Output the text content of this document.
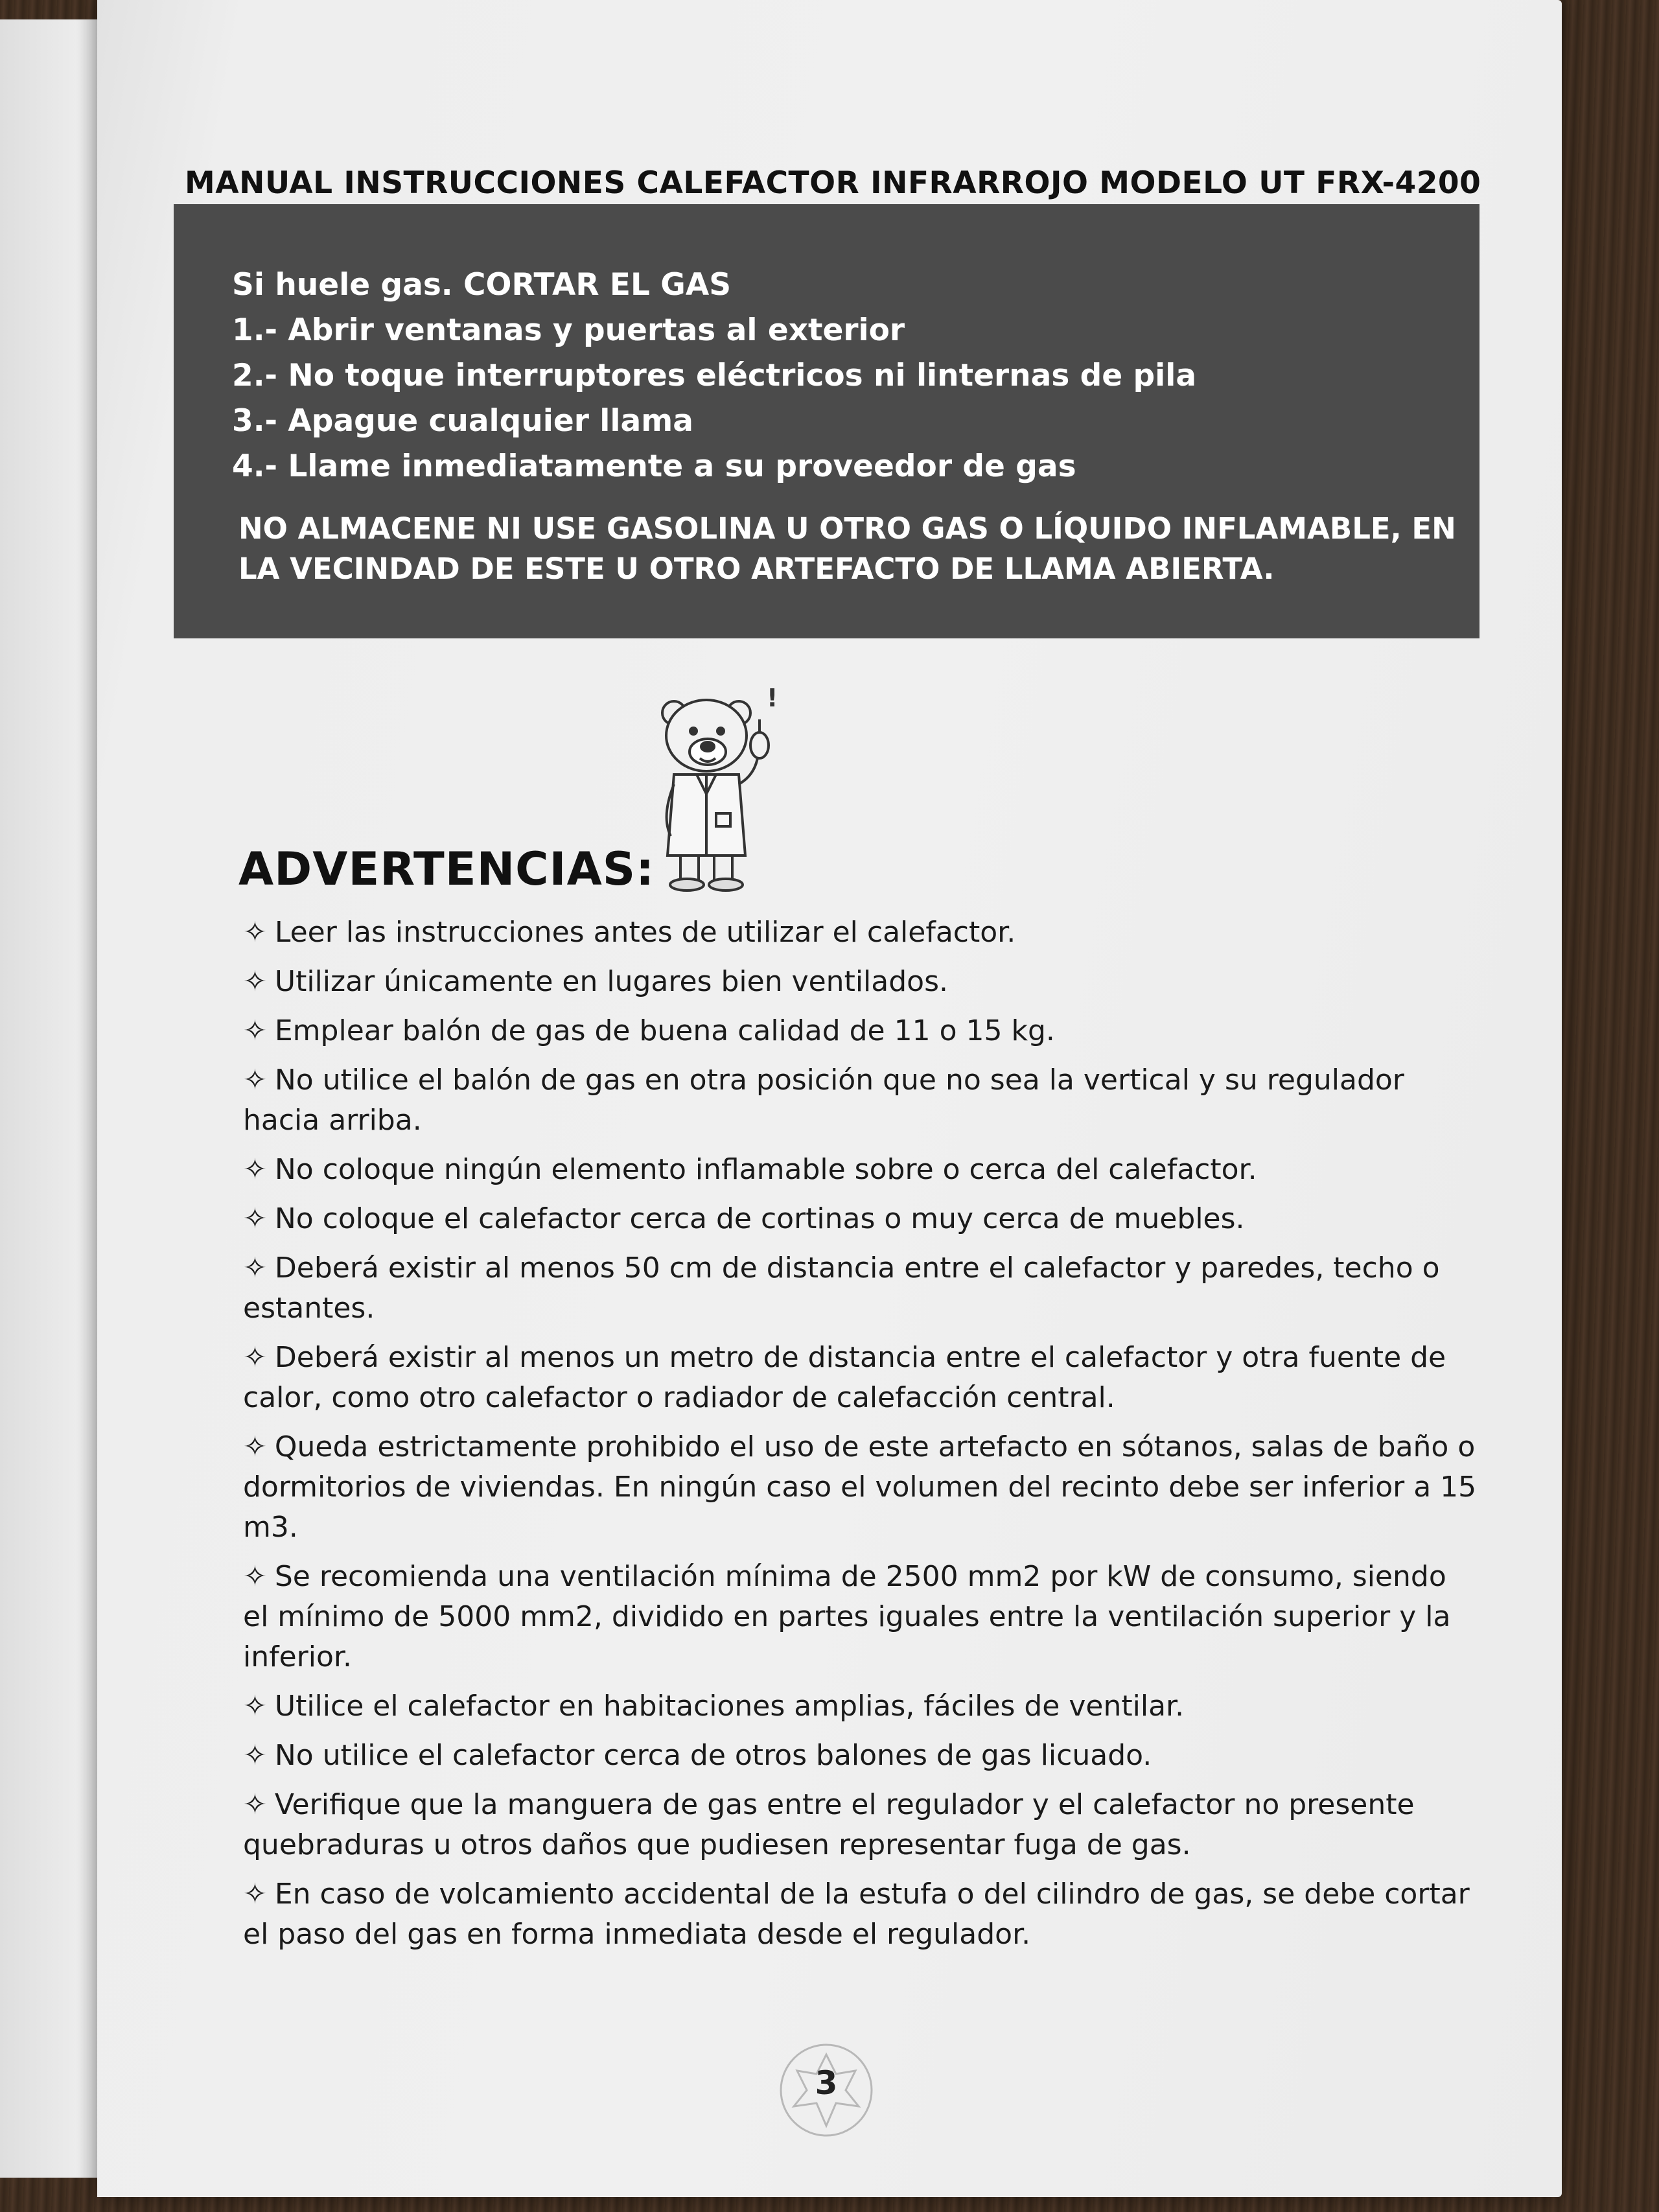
MANUAL INSTRUCCIONES CALEFACTOR INFRARROJO MODELO UT FRX-4200
Si huele gas. CORTAR EL GAS
1.- Abrir ventanas y puertas al exterior
2.- No toque interruptores eléctricos ni linternas de pila
3.- Apague cualquier llama
4.- Llame inmediatamente a su proveedor de gas
NO ALMACENE NI USE GASOLINA U OTRO GAS O LÍQUIDO INFLAMABLE, EN LA VECINDAD DE ESTE U OTRO ARTEFACTO DE LLAMA ABIERTA.
!
ADVERTENCIAS:
✧ Leer las instrucciones antes de utilizar el calefactor.
✧ Utilizar únicamente en lugares bien ventilados.
✧ Emplear balón de gas de buena calidad de 11 o 15 kg.
✧ No utilice el balón de gas en otra posición que no sea la vertical y su regulador hacia arriba.
✧ No coloque ningún elemento inflamable sobre o cerca del calefactor.
✧ No coloque el calefactor cerca de cortinas o muy cerca de muebles.
✧ Deberá existir al menos 50 cm de distancia entre el calefactor y paredes, techo o estantes.
✧ Deberá existir al menos un metro de distancia entre el calefactor y otra fuente de calor, como otro calefactor o radiador de calefacción central.
✧ Queda estrictamente prohibido el uso de este artefacto en sótanos, salas de baño o dormitorios de viviendas. En ningún caso el volumen del recinto debe ser inferior a 15 m3.
✧ Se recomienda una ventilación mínima de 2500 mm2 por kW de consumo, siendo el mínimo de 5000 mm2, dividido en partes iguales entre la ventilación superior y la inferior.
✧ Utilice el calefactor en habitaciones amplias, fáciles de ventilar.
✧ No utilice el calefactor cerca de otros balones de gas licuado.
✧ Verifique que la manguera de gas entre el regulador y el calefactor no presente quebraduras u otros daños que pudiesen representar fuga de gas.
✧ En caso de volcamiento accidental de la estufa o del cilindro de gas, se debe cortar el paso del gas en forma inmediata desde el regulador.
3
